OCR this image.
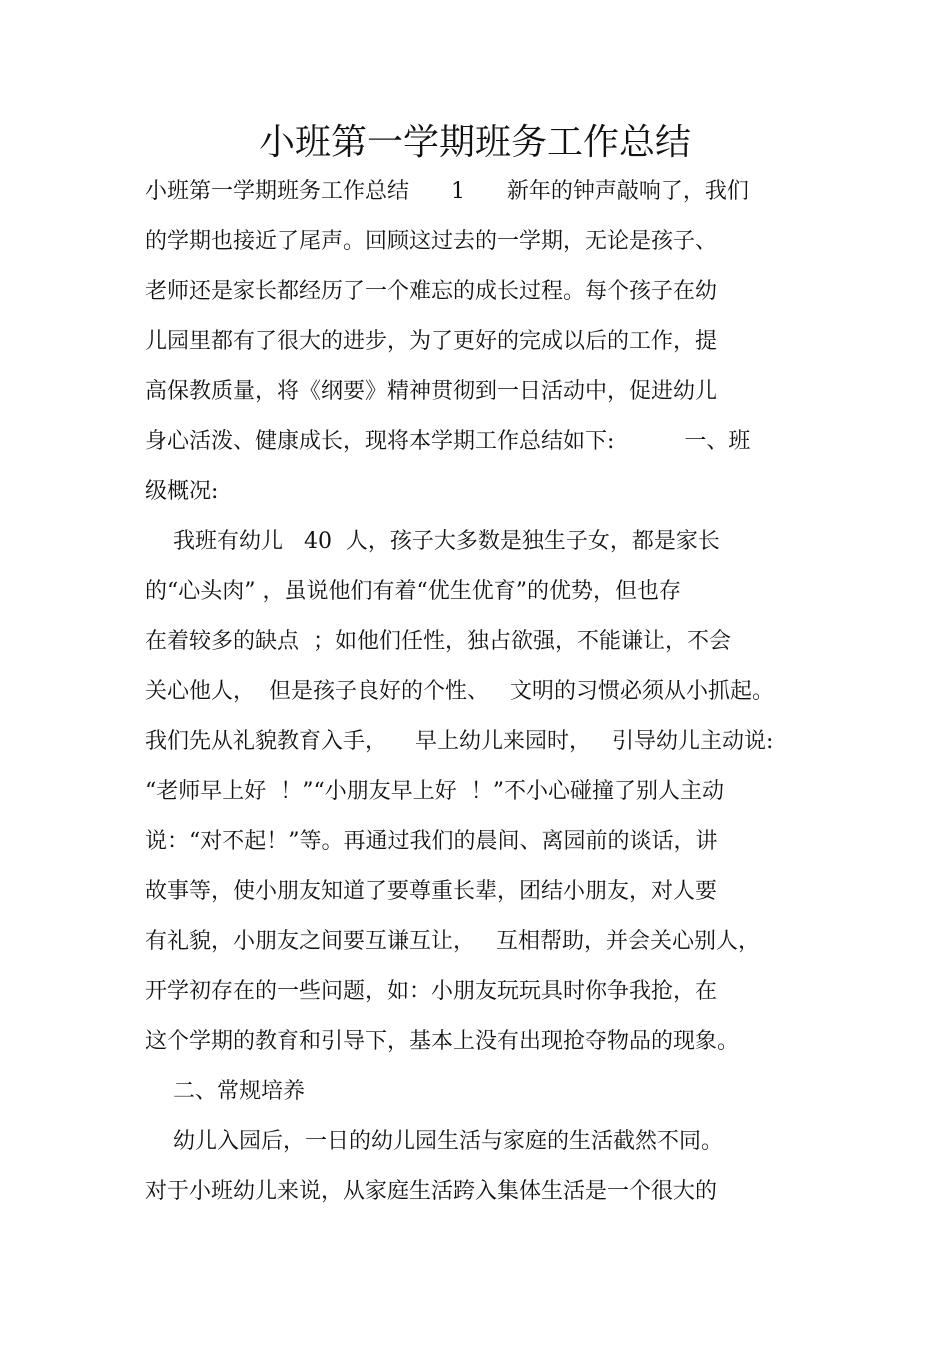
小班第一学期班务工作总结
小班第一学期班务工作总结      1      新年的钟声敲响了，我们
的学期也接近了尾声。回顾这过去的一学期，无论是孩子、
老师还是家长都经历了一个难忘的成长过程。每个孩子在幼
儿园里都有了很大的进步，为了更好的完成以后的工作，提
高保教质量，将《纲要》精神贯彻到一日活动中，促进幼儿
身心活泼、健康成长，现将本学期工作总结如下:          一、班
级概况:
我班有幼儿   40  人，孩子大多数是独生子女，都是家长
的“心头肉” ，虽说他们有着“优生优育”的优势，但也存
在着较多的缺点  ；如他们任性，独占欲强，不能谦让，不会
关心他人，  但是孩子良好的个性、   文明的习惯必须从小抓起。
我们先从礼貌教育入手，    早上幼儿来园时，   引导幼儿主动说:
“老师早上好  ！”“小朋友早上好  ！”不小心碰撞了别人主动
说：“对不起！”等。再通过我们的晨间、离园前的谈话，讲
故事等，使小朋友知道了要尊重长辈，团结小朋友，对人要
有礼貌，小朋友之间要互谦互让，   互相帮助，并会关心别人，
开学初存在的一些问题，如：小朋友玩玩具时你争我抢，在
这个学期的教育和引导下，基本上没有出现抢夺物品的现象。
二、常规培养
幼儿入园后，一日的幼儿园生活与家庭的生活截然不同。
对于小班幼儿来说，从家庭生活跨入集体生活是一个很大的
